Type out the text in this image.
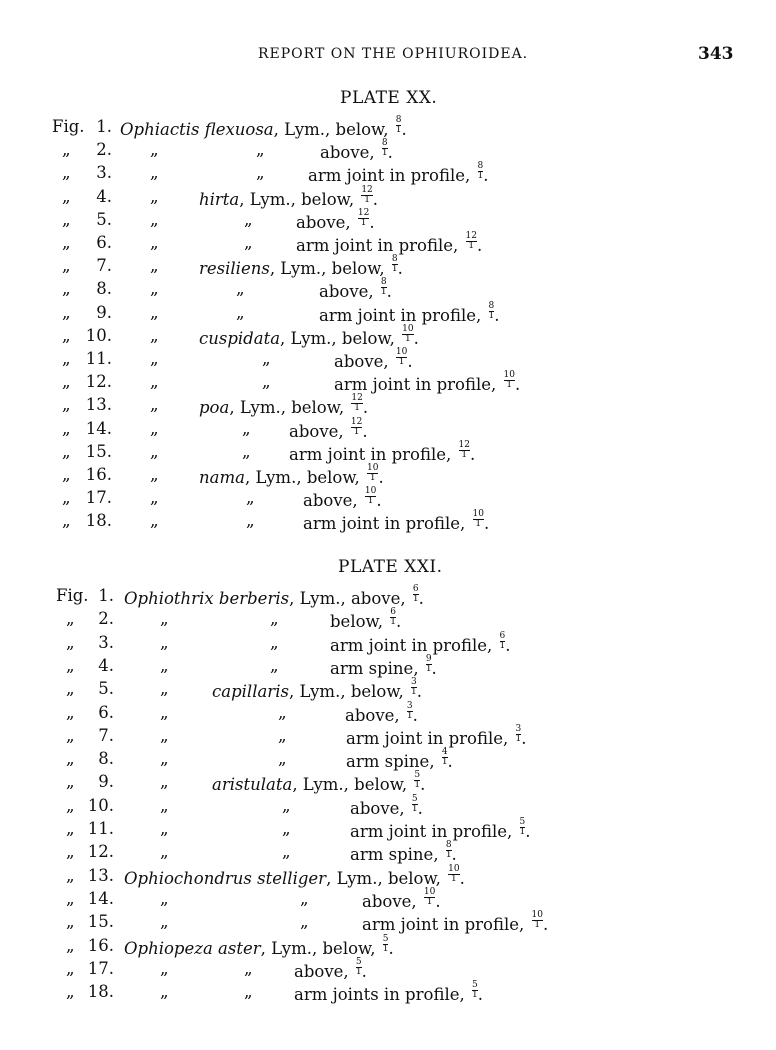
REPORT ON THE OPHIUROIDEA.	343
PLATE XX.
Fig. 1. Ophiactis flexuosa, Lym., below, $\frac{8}{1}$ .
„	2. „	„	above, $\frac{8}{1}$ .
„	3. „	„	arm joint in profile, $\frac{8}{1}$ .
„	4. „ hirta, Lym., below, $\frac{12}{1}$ .
„	5. „	„	above, $\frac{12}{1}$ .
„	6. „	„	arm joint in profile, $\frac{12}{1}$ .
„	7. „ resiliens, Lym., below, $\frac{8}{1}$ .
„	8. „	„	above, $\frac{8}{1}$ .
„	9. „	„	arm joint in profile, $\frac{8}{1}$ .
„ 10. „ cuspidata, Lym., below, $\frac{10}{1}$ .
„ 11. „	„	above, $\frac{10}{1}$ .
„ 12. „	„	arm joint in profile, $\frac{10}{1}$ .
„ 13. „ poa, Lym., below, $\frac{12}{1}$ .
„ 14. „	„ above, $\frac{12}{1}$ .
„ 15. „	„ arm joint in profile, $\frac{12}{1}$ .
„ 16. „ nama, Lym., below, $\frac{10}{1}$ .
„ 17. „	„	above, $\frac{10}{1}$ .
„ 18. „	„	arm joint in profile, $\frac{10}{1}$ .
PLATE XXI.
Fig. 1. Ophiothrix berberis, Lym., above, $\frac{6}{1}$ .
„	2.	„	„	below, $\frac{6}{1}$ .
„	3.	„	„	arm joint in profile, $\frac{6}{1}$ .
„	4.	„	„	arm spine, $\frac{9}{1}$ .
„	5.	„	capillaris, Lym., below, $\frac{3}{1}$ .
„	6.	„	„	above, $\frac{3}{1}$ .
„	7.	„	„	arm joint in profile, $\frac{3}{1}$ .
„	8.	„	„	arm spine, $\frac{4}{1}$ .
„	9.	„	aristulata, Lym., below, $\frac{5}{1}$ .
„ 10.	„	„	above, $\frac{5}{1}$ .
„ 11.	„	„	arm joint in profile, $\frac{5}{1}$ .
„ 12.	„	„	arm spine, $\frac{8}{1}$ .
„ 13. Ophiochondrus stelliger, Lym., below, $\frac{10}{1}$ .
„ 14.	„	„	above, $\frac{10}{1}$ .
„ 15.	„	„	arm joint in profile, $\frac{10}{1}$ .
„ 16. Ophiopeza aster, Lym., below, $\frac{5}{1}$ .
„ 17.	„	„	above, $\frac{5}{1}$ .
„ 18.	„	„	arm joints in profile, $\frac{5}{1}$ .
